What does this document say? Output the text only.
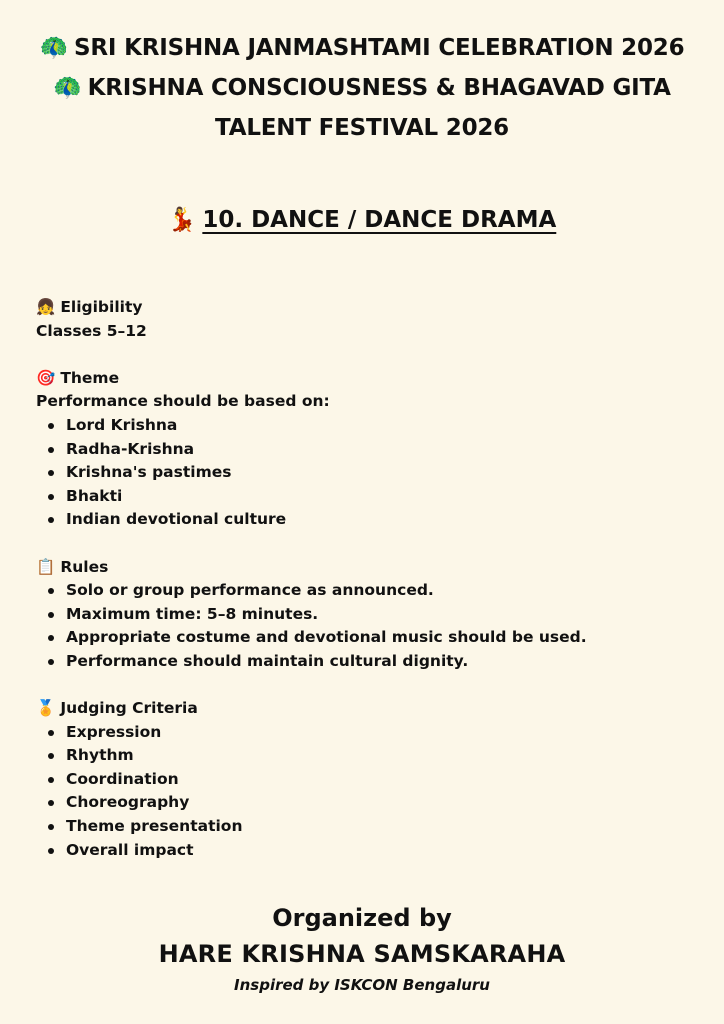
🦚 SRI KRISHNA JANMASHTAMI CELEBRATION 2026
🦚 KRISHNA CONSCIOUSNESS & BHAGAVAD GITA
TALENT FESTIVAL 2026
💃 10. DANCE / DANCE DRAMA
👧 Eligibility
Classes 5–12
🎯 Theme
Performance should be based on:
Lord Krishna
Radha-Krishna
Krishna's pastimes
Bhakti
Indian devotional culture
📋 Rules
Solo or group performance as announced.
Maximum time: 5–8 minutes.
Appropriate costume and devotional music should be used.
Performance should maintain cultural dignity.
🏅 Judging Criteria
Expression
Rhythm
Coordination
Choreography
Theme presentation
Overall impact
Organized by
HARE KRISHNA SAMSKARAHA
Inspired by ISKCON Bengaluru
